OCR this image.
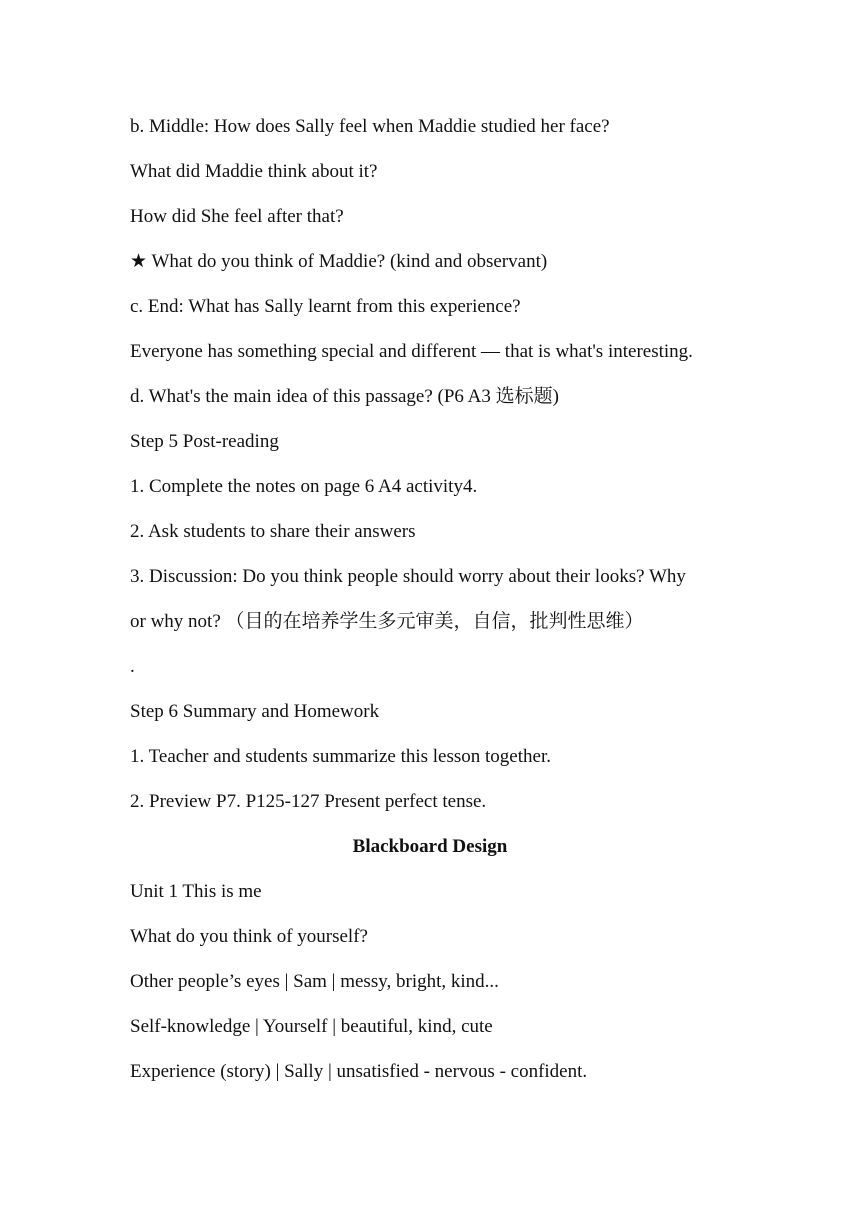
b. Middle: How does Sally feel when Maddie studied her face?
What did Maddie think about it?
How did She feel after that?
★ What do you think of Maddie? (kind and observant)
c. End: What has Sally learnt from this experience?
Everyone has something special and different — that is what's interesting.
d. What's the main idea of this passage? (P6 A3 选标题)
Step 5 Post-reading
1. Complete the notes on page 6 A4 activity4.
2. Ask students to share their answers
3. Discussion: Do you think people should worry about their looks? Why
or why not? （目的在培养学生多元审美，自信，批判性思维）
.
Step 6 Summary and Homework
1. Teacher and students summarize this lesson together.
2. Preview P7. P125-127 Present perfect tense.
Blackboard Design
Unit 1 This is me
What do you think of yourself?
Other people’s eyes | Sam | messy, bright, kind...
Self-knowledge | Yourself | beautiful, kind, cute
Experience (story) | Sally | unsatisfied - nervous - confident.
